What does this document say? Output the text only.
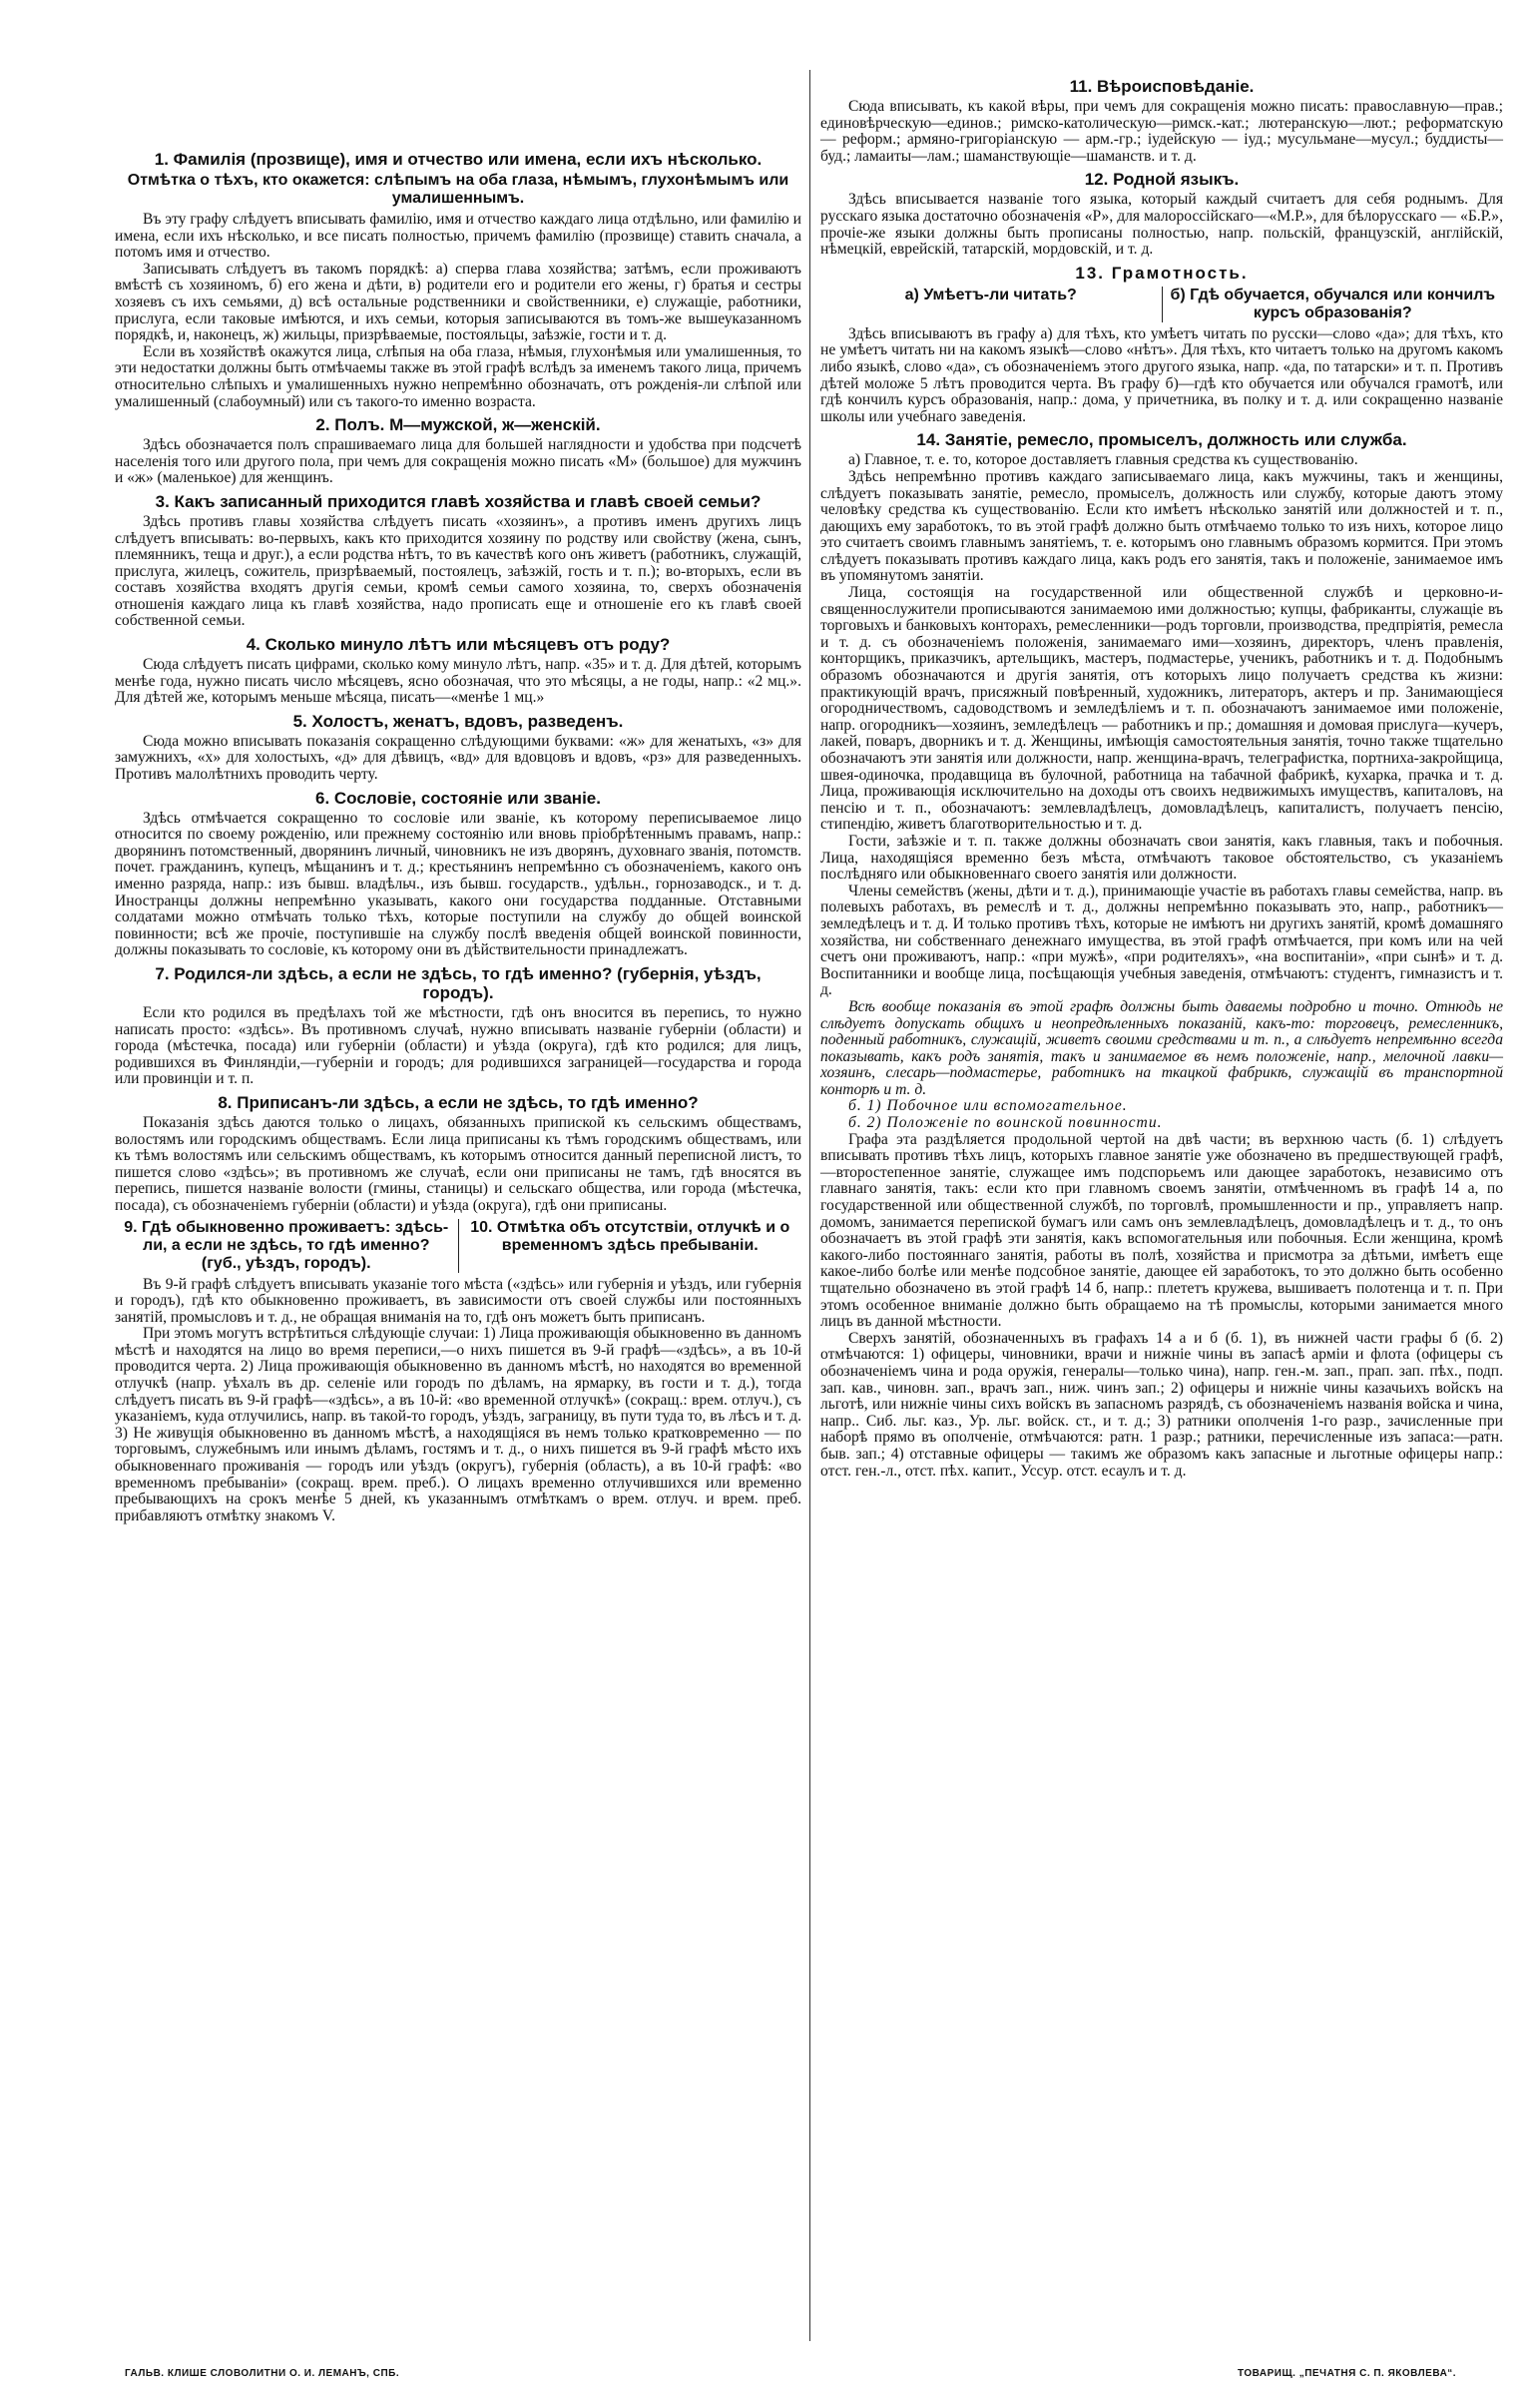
1. Фамилія (прозвище), имя и отчество или имена, если ихъ нѣсколько.
Отмѣтка о тѣхъ, кто окажется: слѣпымъ на оба глаза, нѣмымъ, глухонѣмымъ или умалишеннымъ.

Въ эту графу слѣдуетъ вписывать фамилію, имя и отчество каждаго лица отдѣльно, или фамилію и имена, если ихъ нѣсколько, и все писать полностью, причемъ фамилію (прозвище) ставить сначала, а потомъ имя и отчество.

Записывать слѣдуетъ въ такомъ порядкѣ: а) сперва глава хозяйства; затѣмъ, если проживаютъ вмѣстѣ съ хозяиномъ, б) его жена и дѣти, в) родители его и родители его жены, г) братья и сестры хозяевъ съ ихъ семьями, д) всѣ остальные родственники и свойственники, е) служащіе, работники, прислуга, если таковые имѣются, и ихъ семьи, которыя записываются въ томъ-же вышеуказанномъ порядкѣ, и, наконецъ, ж) жильцы, призрѣваемые, постояльцы, заѣзжіе, гости и т. д.

Если въ хозяйствѣ окажутся лица, слѣпыя на оба глаза, нѣмыя, глухонѣмыя или умалишенныя, то эти недостатки должны быть отмѣчаемы также въ этой графѣ вслѣдъ за именемъ такого лица, причемъ относительно слѣпыхъ и умалишенныхъ нужно непремѣнно обозначать, отъ рожденія-ли слѣпой или умалишенный (слабоумный) или съ такого-то именно возраста.

2. Полъ. М—мужской, ж—женскій.

Здѣсь обозначается полъ спрашиваемаго лица для большей наглядности и удобства при подсчетѣ населенія того или другого пола, при чемъ для сокращенія можно писать «М» (большое) для мужчинъ и «ж» (маленькое) для женщинъ.

3. Какъ записанный приходится главѣ хозяйства и главѣ своей семьи?

Здѣсь противъ главы хозяйства слѣдуетъ писать «хозяинъ», а противъ именъ другихъ лицъ слѣдуетъ вписывать: во-первыхъ, какъ кто приходится хозяину по родству или свойству (жена, сынъ, племянникъ, теща и друг.), а если родства нѣтъ, то въ качествѣ кого онъ живетъ (работникъ, служащій, прислуга, жилецъ, сожитель, призрѣваемый, постоялецъ, заѣзжій, гость и т. п.); во-вторыхъ, если въ составъ хозяйства входятъ другія семьи, кромѣ семьи самого хозяина, то, сверхъ обозначенія отношенія каждаго лица къ главѣ хозяйства, надо прописать еще и отношеніе его къ главѣ своей собственной семьи.

4. Сколько минуло лѣтъ или мѣсяцевъ отъ роду?

Сюда слѣдуетъ писать цифрами, сколько кому минуло лѣтъ, напр. «35» и т. д. Для дѣтей, которымъ менѣе года, нужно писать число мѣсяцевъ, ясно обозначая, что это мѣсяцы, а не годы, напр.: «2 мц.». Для дѣтей же, которымъ меньше мѣсяца, писать—«менѣе 1 мц.»

5. Холостъ, женатъ, вдовъ, разведенъ.

Сюда можно вписывать показанія сокращенно слѣдующими буквами: «ж» для женатыхъ, «з» для замужнихъ, «х» для холостыхъ, «д» для дѣвицъ, «вд» для вдовцовъ и вдовъ, «рз» для разведенныхъ. Противъ малолѣтнихъ проводить черту.

6. Сословіе, состояніе или званіе.

Здѣсь отмѣчается сокращенно то сословіе или званіе, къ которому переписываемое лицо относится по своему рожденію, или прежнему состоянію или вновь пріобрѣтеннымъ правамъ, напр.: дворянинъ потомственный, дворянинъ личный, чиновникъ не изъ дворянъ, духовнаго званія, потомств. почет. гражданинъ, купецъ, мѣщанинъ и т. д.; крестьянинъ непремѣнно съ обозначеніемъ, какого онъ именно разряда, напр.: изъ бывш. владѣльч., изъ бывш. государств., удѣльн., горнозаводск., и т. д. Иностранцы должны непремѣнно указывать, какого они государства подданные. Отставными солдатами можно отмѣчать только тѣхъ, которые поступили на службу до общей воинской повинности; всѣ же прочіе, поступившіе на службу послѣ введенія общей воинской повинности, должны показывать то сословіе, къ которому они въ дѣйствительности принадлежатъ.

7. Родился-ли здѣсь, а если не здѣсь, то гдѣ именно? (губернія, уѣздъ, городъ).

Если кто родился въ предѣлахъ той же мѣстности, гдѣ онъ вносится въ перепись, то нужно написать просто: «здѣсь». Въ противномъ случаѣ, нужно вписывать названіе губерніи (области) и города (мѣстечка, посада) или губерніи (области) и уѣзда (округа), гдѣ кто родился; для лицъ, родившихся въ Финляндіи,—губерніи и городъ; для родившихся заграницей—государства и города или провинціи и т. п.

8. Приписанъ-ли здѣсь, а если не здѣсь, то гдѣ именно?

Показанія здѣсь даются только о лицахъ, обязанныхъ припиской къ сельскимъ обществамъ, волостямъ или городскимъ обществамъ. Если лица приписаны къ тѣмъ городскимъ обществамъ, или къ тѣмъ волостямъ или сельскимъ обществамъ, къ которымъ относится данный переписной листъ, то пишется слово «здѣсь»; въ противномъ же случаѣ, если они приписаны не тамъ, гдѣ вносятся въ перепись, пишется названіе волости (гмины, станицы) и сельскаго общества, или города (мѣстечка, посада), съ обозначеніемъ губерніи (области) и уѣзда (округа), гдѣ они приписаны.

9. Гдѣ обыкновенно проживаетъ: здѣсь-ли, а если не здѣсь, то гдѣ именно? (губ., уѣздъ, городъ).
10. Отмѣтка объ отсутствіи, отлучкѣ и о временномъ здѣсь пребываніи.

Въ 9-й графѣ слѣдуетъ вписывать указаніе того мѣста («здѣсь» или губернія и уѣздъ, или губернія и городъ), гдѣ кто обыкновенно проживаетъ, въ зависимости отъ своей службы или постоянныхъ занятій, промысловъ и т. д., не обращая вниманія на то, гдѣ онъ можетъ быть приписанъ.

При этомъ могутъ встрѣтиться слѣдующіе случаи: 1) Лица проживающія обыкновенно въ данномъ мѣстѣ и находятся на лицо во время переписи,—о нихъ пишется въ 9-й графѣ—«здѣсь», а въ 10-й проводится черта. 2) Лица проживающія обыкновенно въ данномъ мѣстѣ, но находятся во временной отлучкѣ (напр. уѣхалъ въ др. селеніе или городъ по дѣламъ, на ярмарку, въ гости и т. д.), тогда слѣдуетъ писать въ 9-й графѣ—«здѣсь», а въ 10-й: «во временной отлучкѣ» (сокращ.: врем. отлуч.), съ указаніемъ, куда отлучились, напр. въ такой-то городъ, уѣздъ, заграницу, въ пути туда то, въ лѣсъ и т. д. 3) Не живущія обыкновенно въ данномъ мѣстѣ, а находящіяся въ немъ только кратковременно — по торговымъ, служебнымъ или инымъ дѣламъ, гостямъ и т. д., о нихъ пишется въ 9-й графѣ мѣсто ихъ обыкновеннаго проживанія — городъ или уѣздъ (округъ), губернія (область), а въ 10-й графѣ: «во временномъ пребываніи» (сокращ. врем. преб.). О лицахъ временно отлучившихся или временно пребывающихъ на срокъ менѣе 5 дней, къ указаннымъ отмѣткамъ о врем. отлуч. и врем. преб. прибавляютъ отмѣтку знакомъ V.

11. Вѣроисповѣданіе.

Сюда вписывать, къ какой вѣры, при чемъ для сокращенія можно писать: православную—прав.; единовѣрческую—единов.; римско-католическую—римск.-кат.; лютеранскую—лют.; реформатскую — реформ.; армяно-григоріанскую — арм.-гр.; іудейскую — іуд.; мусульмане—мусул.; буддисты—буд.; ламаиты—лам.; шаманствующіе—шаманств. и т. д.

12. Родной языкъ.

Здѣсь вписывается названіе того языка, который каждый считаетъ для себя роднымъ. Для русскаго языка достаточно обозначенія «Р», для малороссійскаго—«М.Р.», для бѣлорусскаго — «Б.Р.», прочіе-же языки должны быть прописаны полностью, напр. польскій, французскій, англійскій, нѣмецкій, еврейскій, татарскій, мордовскій, и т. д.

13. Грамотность.
а) Умѣетъ-ли читать?	б) Гдѣ обучается, обучался или кончилъ курсъ образованія?

Здѣсь вписываютъ въ графу а) для тѣхъ, кто умѣетъ читать по русски—слово «да»; для тѣхъ, кто не умѣетъ читать ни на какомъ языкѣ—слово «нѣтъ». Для тѣхъ, кто читаетъ только на другомъ какомъ либо языкѣ, слово «да», съ обозначеніемъ этого другого языка, напр. «да, по татарски» и т. п. Противъ дѣтей моложе 5 лѣтъ проводится черта. Въ графу б)—гдѣ кто обучается или обучался грамотѣ, или гдѣ кончилъ курсъ образованія, напр.: дома, у причетника, въ полку и т. д. или сокращенно названіе школы или учебнаго заведенія.

14. Занятіе, ремесло, промыселъ, должность или служба.

а) Главное, т. е. то, которое доставляетъ главныя средства къ существованію.

Здѣсь непремѣнно противъ каждаго записываемаго лица, какъ мужчины, такъ и женщины, слѣдуетъ показывать занятіе, ремесло, промыселъ, должность или службу, которые даютъ этому человѣку средства къ существованію. Если кто имѣетъ нѣсколько занятій или должностей и т. п., дающихъ ему заработокъ, то въ этой графѣ должно быть отмѣчаемо только то изъ нихъ, которое лицо это считаетъ своимъ главнымъ занятіемъ, т. е. которымъ оно главнымъ образомъ кормится. При этомъ слѣдуетъ показывать противъ каждаго лица, какъ родъ его занятія, такъ и положеніе, занимаемое имъ въ упомянутомъ занятіи.

Лица, состоящія на государственной или общественной службѣ и церковно-и-священнослужители прописываются занимаемою ими должностью; купцы, фабриканты, служащіе въ торговыхъ и банковыхъ конторахъ, ремесленники—родъ торговли, производства, предпріятія, ремесла и т. д. съ обозначеніемъ положенія, занимаемаго ими—хозяинъ, директоръ, членъ правленія, конторщикъ, приказчикъ, артельщикъ, мастеръ, подмастерье, ученикъ, работникъ и т. д. Подобнымъ образомъ обозначаются и другія занятія, отъ которыхъ лицо получаетъ средства къ жизни: практикующій врачъ, присяжный повѣренный, художникъ, литераторъ, актеръ и пр. Занимающіеся огородничествомъ, садоводствомъ и земледѣліемъ и т. п. обозначаютъ занимаемое ими положеніе, напр. огородникъ—хозяинъ, земледѣлецъ — работникъ и пр.; домашняя и домовая прислуга—кучеръ, лакей, поваръ, дворникъ и т. д. Женщины, имѣющія самостоятельныя занятія, точно также тщательно обозначаютъ эти занятія или должности, напр. женщина-врачъ, телеграфистка, портниха-закройщица, швея-одиночка, продавщица въ булочной, работница на табачной фабрикѣ, кухарка, прачка и т. д. Лица, проживающія исключительно на доходы отъ своихъ недвижимыхъ имуществъ, капиталовъ, на пенсію и т. п., обозначаютъ: землевладѣлецъ, домовладѣлецъ, капиталистъ, получаетъ пенсію, стипендію, живетъ благотворительностью и т. д.

Гости, заѣзжіе и т. п. также должны обозначать свои занятія, какъ главныя, такъ и побочныя. Лица, находящіяся временно безъ мѣста, отмѣчаютъ таковое обстоятельство, съ указаніемъ послѣдняго или обыкновеннаго своего занятія или должности.

Члены семействъ (жены, дѣти и т. д.), принимающіе участіе въ работахъ главы семейства, напр. въ полевыхъ работахъ, въ ремеслѣ и т. д., должны непремѣнно показывать это, напр., работникъ—земледѣлецъ и т. д. И только противъ тѣхъ, которые не имѣютъ ни другихъ занятій, кромѣ домашняго хозяйства, ни собственнаго денежнаго имущества, въ этой графѣ отмѣчается, при комъ или на чей счетъ они проживаютъ, напр.: «при мужѣ», «при родителяхъ», «на воспитаніи», «при сынѣ» и т. д. Воспитанники и вообще лица, посѣщающія учебныя заведенія, отмѣчаютъ: студентъ, гимназистъ и т. д.

Всѣ вообще показанія въ этой графѣ должны быть даваемы подробно и точно. Отнюдь не слѣдуетъ допускать общихъ и неопредѣленныхъ показаній, какъ-то: торговецъ, ремесленникъ, поденный работникъ, служащій, живетъ своими средствами и т. п., а слѣдуетъ непремѣнно всегда показывать, какъ родъ занятія, такъ и занимаемое въ немъ положеніе, напр., мелочной лавки—хозяинъ, слесарь—подмастерье, работникъ на ткацкой фабрикѣ, служащій въ транспортной конторѣ и т. д.

б. 1) Побочное или вспомогательное.

б. 2) Положеніе по воинской повинности.

Графа эта раздѣляется продольной чертой на двѣ части; въ верхнюю часть (б. 1) слѣдуетъ вписывать противъ тѣхъ лицъ, которыхъ главное занятіе уже обозначено въ предшествующей графѣ,—второстепенное занятіе, служащее имъ подспорьемъ или дающее заработокъ, независимо отъ главнаго занятія, такъ: если кто при главномъ своемъ занятіи, отмѣченномъ въ графѣ 14 а, по государственной или общественной службѣ, по торговлѣ, промышленности и пр., управляетъ напр. домомъ, занимается перепиской бумагъ или самъ онъ землевладѣлецъ, домовладѣлецъ и т. д., то онъ обозначаетъ въ этой графѣ эти занятія, какъ вспомогательныя или побочныя. Если женщина, кромѣ какого-либо постояннаго занятія, работы въ полѣ, хозяйства и присмотра за дѣтьми, имѣетъ еще какое-либо болѣе или менѣе подсобное занятіе, дающее ей заработокъ, то это должно быть особенно тщательно обозначено въ этой графѣ 14 б, напр.: плететъ кружева, вышиваетъ полотенца и т. п. При этомъ особенное вниманіе должно быть обращаемо на тѣ промыслы, которыми занимается много лицъ въ данной мѣстности.

Сверхъ занятій, обозначенныхъ въ графахъ 14 а и б (б. 1), въ нижней части графы б (б. 2) отмѣчаются: 1) офицеры, чиновники, врачи и нижніе чины въ запасѣ арміи и флота (офицеры съ обозначеніемъ чина и рода оружія, генералы—только чина), напр. ген.-м. зап., прап. зап. пѣх., подп. зап. кав., чиновн. зап., врачъ зап., ниж. чинъ зап.; 2) офицеры и нижніе чины казачьихъ войскъ на льготѣ, или нижніе чины сихъ войскъ въ запасномъ разрядѣ, съ обозначеніемъ названія войска и чина, напр.. Сиб. льг. каз., Ур. льг. войск. ст., и т. д.; 3) ратники ополченія 1-го разр., зачисленные при наборѣ прямо въ ополченіе, отмѣчаются: ратн. 1 разр.; ратники, перечисленные изъ запаса:—ратн. быв. зап.; 4) отставные офицеры — такимъ же образомъ какъ запасные и льготные офицеры напр.: отст. ген.-л., отст. пѣх. капит., Уссур. отст. есаулъ и т. д.

ГАЛЬВ. КЛИШЕ СЛОВОЛИТНИ О. И. ЛЕМАНЪ, СПБ.	ТОВАРИЩ. „ПЕЧАТНЯ С. П. ЯКОВЛЕВА“.
